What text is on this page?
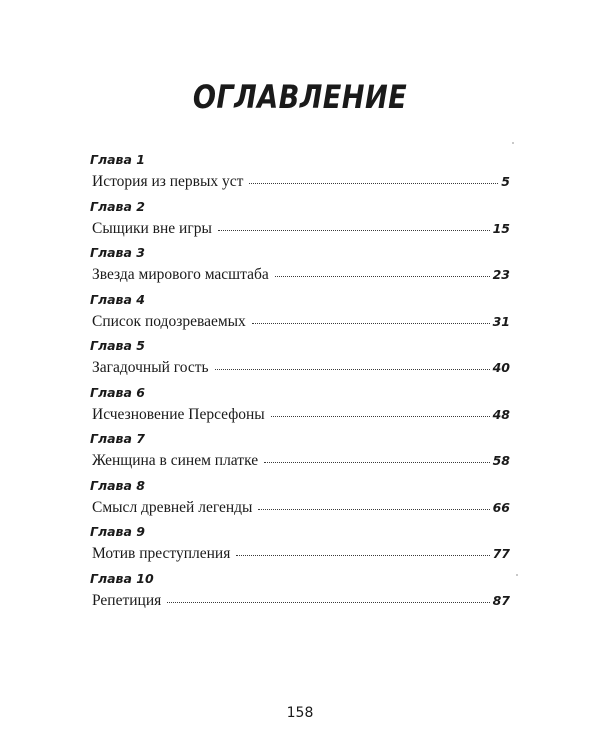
ОГЛАВЛЕНИЕ
Глава 1
История из первых уст	5
Глава 2
Сыщики вне игры	15
Глава 3
Звезда мирового масштаба	23
Глава 4
Список подозреваемых	31
Глава 5
Загадочный гость	40
Глава 6
Исчезновение Персефоны	48
Глава 7
Женщина в синем платке	58
Глава 8
Смысл древней легенды	66
Глава 9
Мотив преступления	77
Глава 10
Репетиция	87
158
